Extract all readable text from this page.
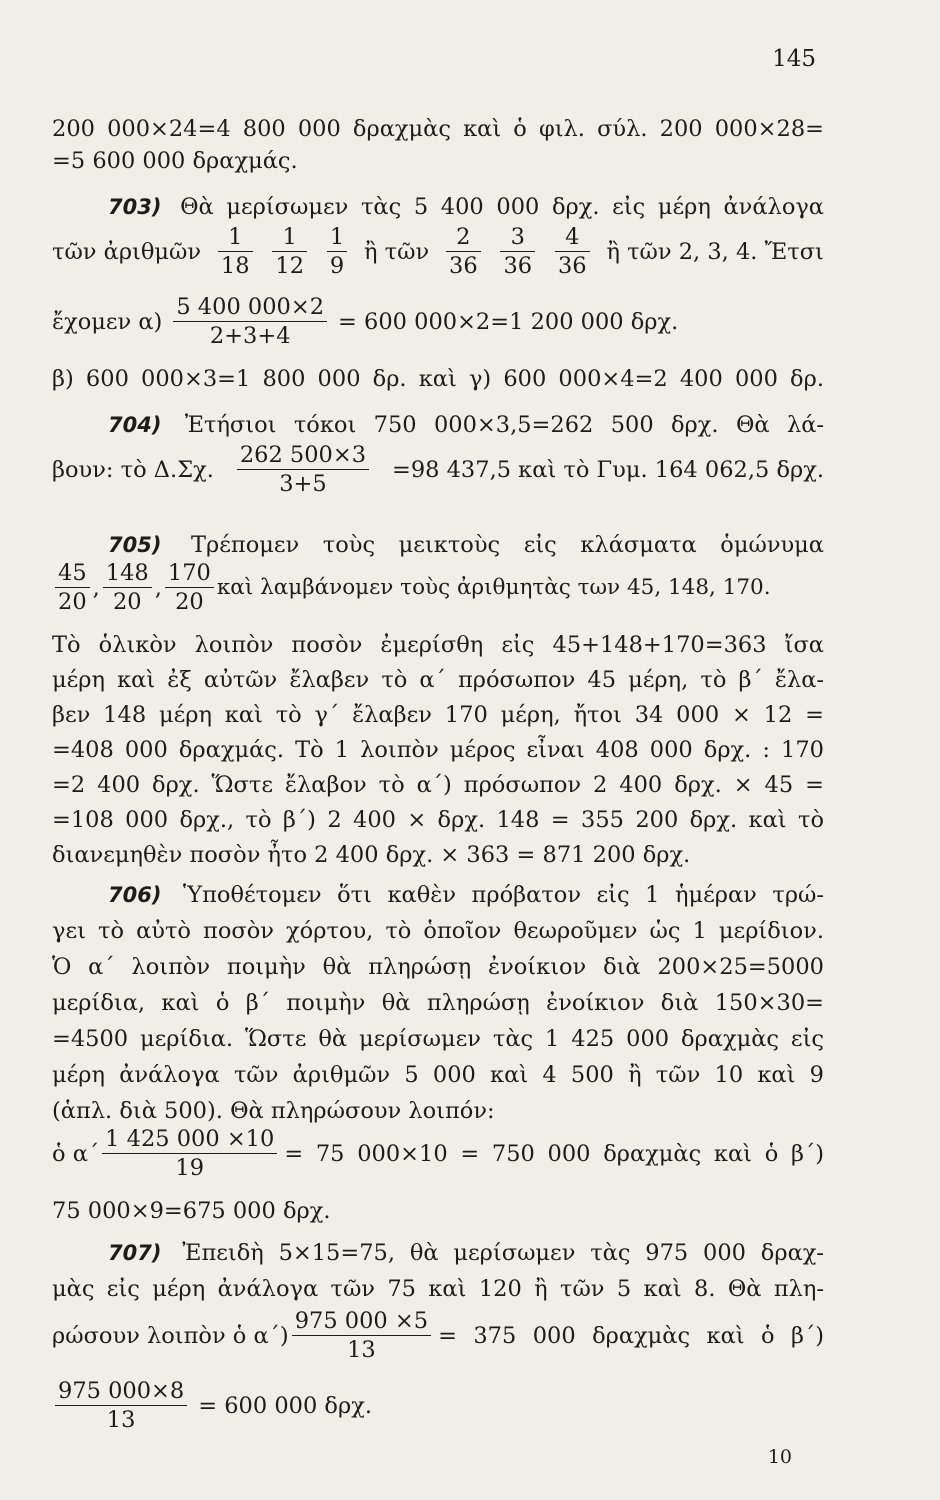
145
200 000×24=4 800 000 δραχμὰς καὶ ὁ φιλ. σύλ. 200 000×28=
=5 600 000 δραχμάς.
703) Θὰ μερίσωμεν τὰς 5 400 000 δρχ. εἰς μέρη ἀνάλογα
τῶν ἀριθμῶν $\frac{1}{18} \frac{1}{12} \frac{1}{9}$ ἢ τῶν $\frac{2}{36} \frac{3}{36} \frac{4}{36}$ ἢ τῶν 2, 3, 4. Ἔτσι
ἔχομεν $\alpha) \frac{5 400 000\times 2}{2+3+4} = 600$ 000×2=1 200 000 δρχ.
β) 600 000×3=1 800 000 δρ. καὶ γ) 600 000×4=2 400 000 δρ.
704) Ἐτήσιοι τόκοι 750 000×3,5=262 500 δρχ. Θὰ λά-
βουν: τὸ Δ.Σχ. $\frac{262 500\times 3}{3+5} =98$ 437,5 καὶ τὸ Γυμ. 164 062,5 δρχ.
705) Τρέπομεν τοὺς μεικτοὺς εἰς κλάσματα ὁμώνυμα
$\frac{45}{20}$ , $\frac{148}{20}$ , $\frac{170}{20}$ καὶ λαμβάνομεν τοὺς ἀριθμητὰς των 45, 148, 170.
Τὸ ὁλικὸν λοιπὸν ποσὸν ἐμερίσθη εἰς 45+148+170=363 ἴσα
μέρη καὶ ἐξ αὐτῶν ἔλαβεν τὸ α΄ πρόσωπον 45 μέρη, τὸ β΄ ἔλα-
βεν 148 μέρη καὶ τὸ γ΄ ἔλαβεν 170 μέρη, ἤτοι 34 000 × 12 =
=408 000 δραχμάς. Τὸ 1 λοιπὸν μέρος εἶναι 408 000 δρχ. : 170
=2 400 δρχ. Ὥστε ἔλαβον τὸ α΄) πρόσωπον 2 400 δρχ. × 45 =
=108 000 δρχ., τὸ β΄) 2 400 × δρχ. 148 = 355 200 δρχ. καὶ τὸ
διανεμηθὲν ποσὸν ἦτο 2 400 δρχ. × 363 = 871 200 δρχ.
706) Ὑποθέτομεν ὅτι καθὲν πρόβατον εἰς 1 ἡμέραν τρώ-
γει τὸ αὐτὸ ποσὸν χόρτου, τὸ ὁποῖον θεωροῦμεν ὡς 1 μερίδιον.
Ὁ α΄ λοιπὸν ποιμὴν θὰ πληρώσῃ ἐνοίκιον διὰ 200×25=5000
μερίδια, καὶ ὁ β΄ ποιμὴν θὰ πληρώσῃ ἐνοίκιον διὰ 150×30=
=4500 μερίδια. Ὥστε θὰ μερίσωμεν τὰς 1 425 000 δραχμὰς εἰς
μέρη ἀνάλογα τῶν ἀριθμῶν 5 000 καὶ 4 500 ἢ τῶν 10 καὶ 9
(ἁπλ. διὰ 500). Θὰ πληρώσουν λοιπόν:
ὁ $\alpha΄ \frac{1 425 000 \times 10}{19} = 75$ 000×10 = 750 000 δραχμὰς καὶ ὁ β΄)
75 000×9=675 000 δρχ.
707) Ἐπειδὴ 5×15=75, θὰ μερίσωμεν τὰς 975 000 δραχ-
μὰς εἰς μέρη ἀνάλογα τῶν 75 καὶ 120 ἢ τῶν 5 καὶ 8. Θὰ πλη-
ρώσουν λοιπὸν ὁ $\alpha΄) \frac{975 000 \times 5}{13} = 375$ 000 δραχμὰς καὶ ὁ β΄)
$\frac{975 000\times 8}{13} = 600$ 000 δρχ.
10
